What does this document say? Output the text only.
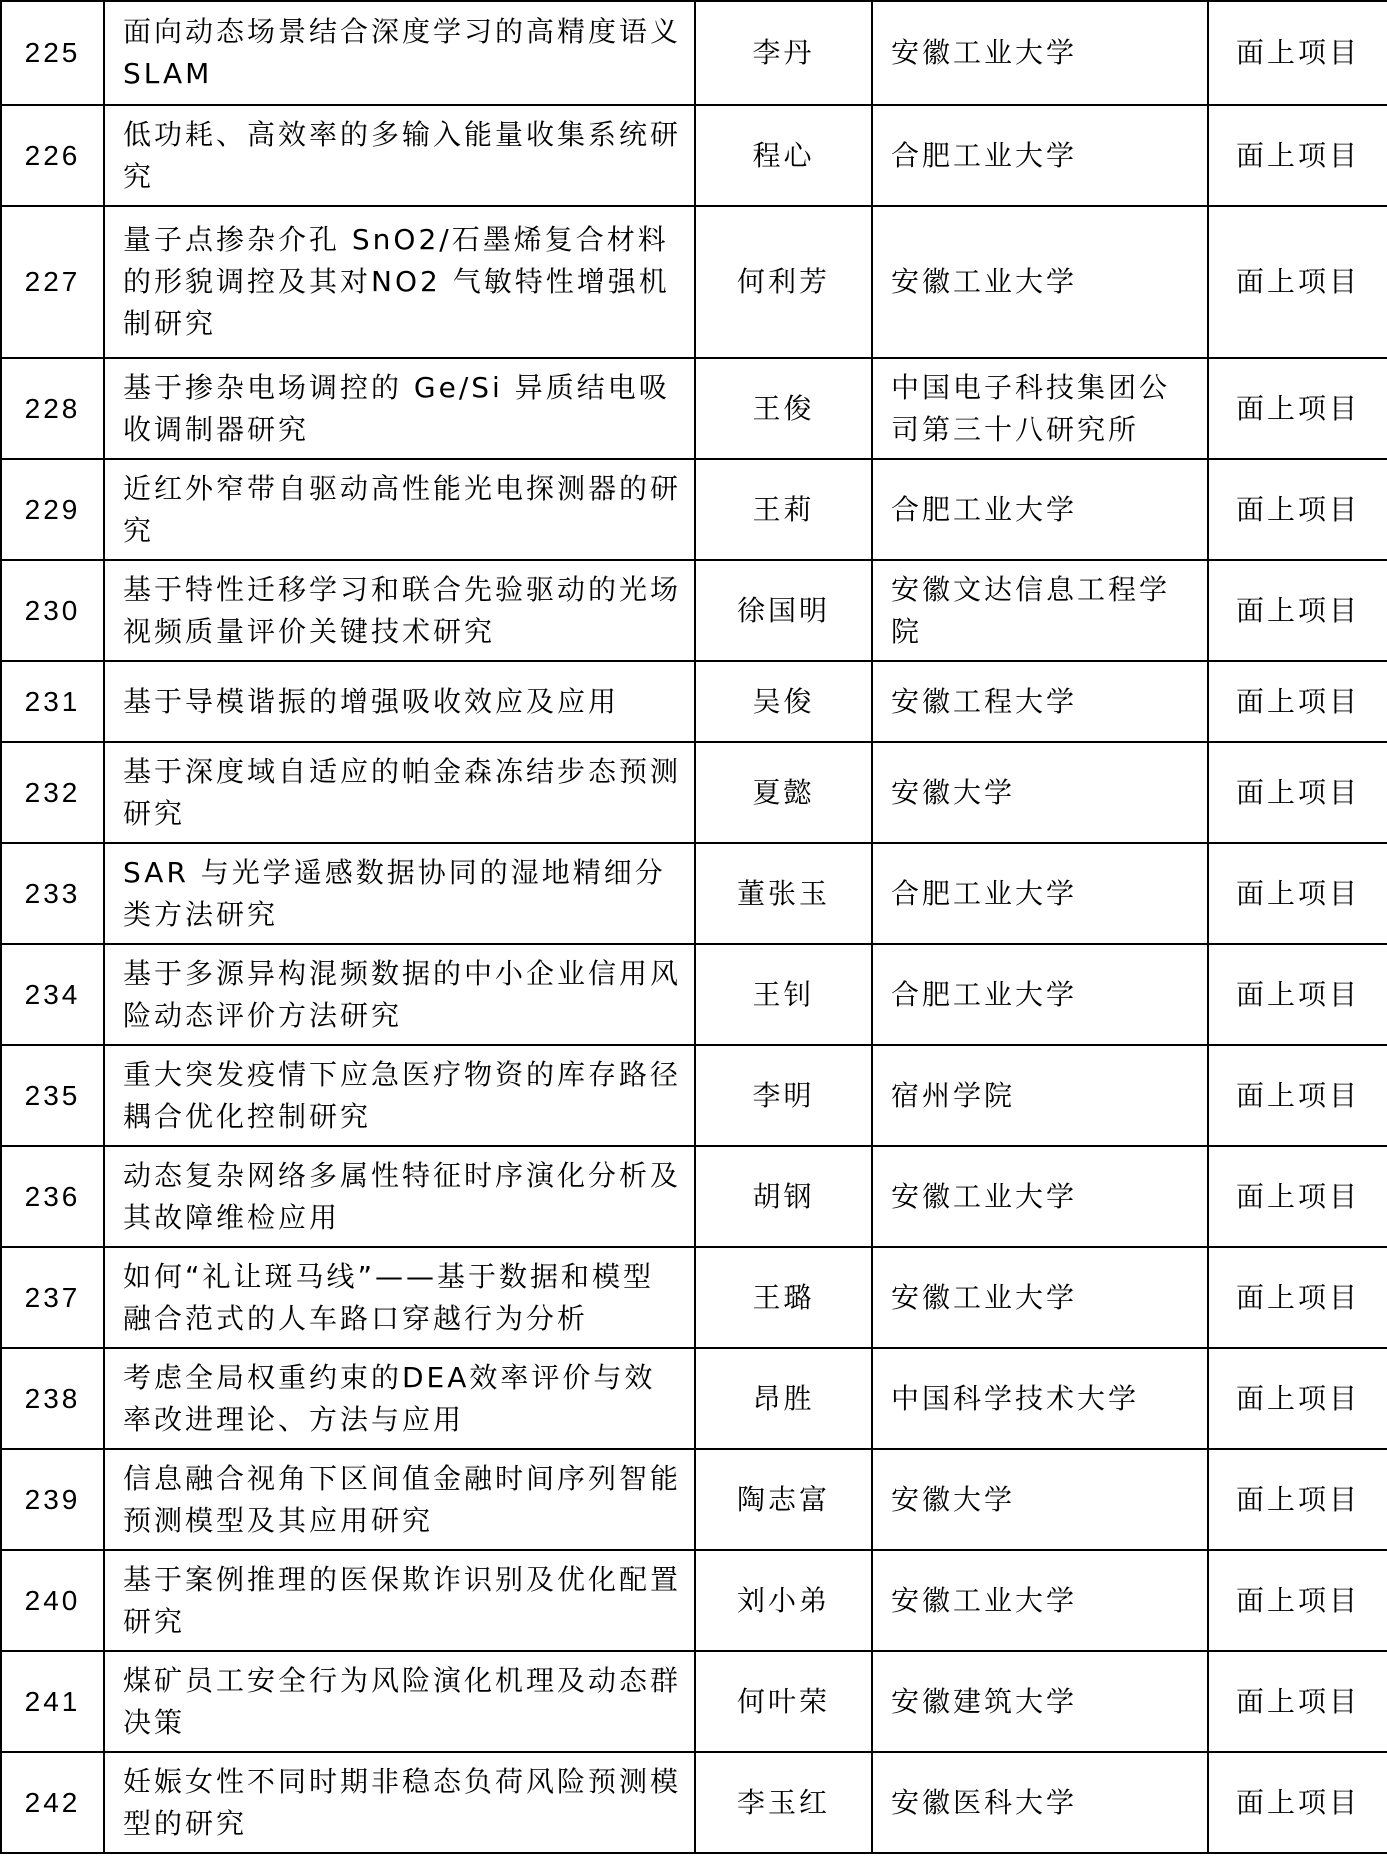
225	面向动态场景结合深度学习的高精度语义 SLAM	李丹	安徽工业大学	面上项目
226	低功耗、高效率的多输入能量收集系统研究	程心	合肥工业大学	面上项目
227	量子点掺杂介孔 SnO2/石墨烯复合材料的形貌调控及其对NO2 气敏特性增强机制研究	何利芳	安徽工业大学	面上项目
228	基于掺杂电场调控的 Ge/Si 异质结电吸收调制器研究	王俊	中国电子科技集团公司第三十八研究所	面上项目
229	近红外窄带自驱动高性能光电探测器的研究	王莉	合肥工业大学	面上项目
230	基于特性迁移学习和联合先验驱动的光场视频质量评价关键技术研究	徐国明	安徽文达信息工程学院	面上项目
231	基于导模谐振的增强吸收效应及应用	吴俊	安徽工程大学	面上项目
232	基于深度域自适应的帕金森冻结步态预测研究	夏懿	安徽大学	面上项目
233	SAR 与光学遥感数据协同的湿地精细分类方法研究	董张玉	合肥工业大学	面上项目
234	基于多源异构混频数据的中小企业信用风险动态评价方法研究	王钊	合肥工业大学	面上项目
235	重大突发疫情下应急医疗物资的库存路径耦合优化控制研究	李明	宿州学院	面上项目
236	动态复杂网络多属性特征时序演化分析及其故障维检应用	胡钢	安徽工业大学	面上项目
237	如何“礼让斑马线”——基于数据和模型融合范式的人车路口穿越行为分析	王璐	安徽工业大学	面上项目
238	考虑全局权重约束的DEA效率评价与效率改进理论、方法与应用	昂胜	中国科学技术大学	面上项目
239	信息融合视角下区间值金融时间序列智能预测模型及其应用研究	陶志富	安徽大学	面上项目
240	基于案例推理的医保欺诈识别及优化配置研究	刘小弟	安徽工业大学	面上项目
241	煤矿员工安全行为风险演化机理及动态群决策	何叶荣	安徽建筑大学	面上项目
242	妊娠女性不同时期非稳态负荷风险预测模型的研究	李玉红	安徽医科大学	面上项目
